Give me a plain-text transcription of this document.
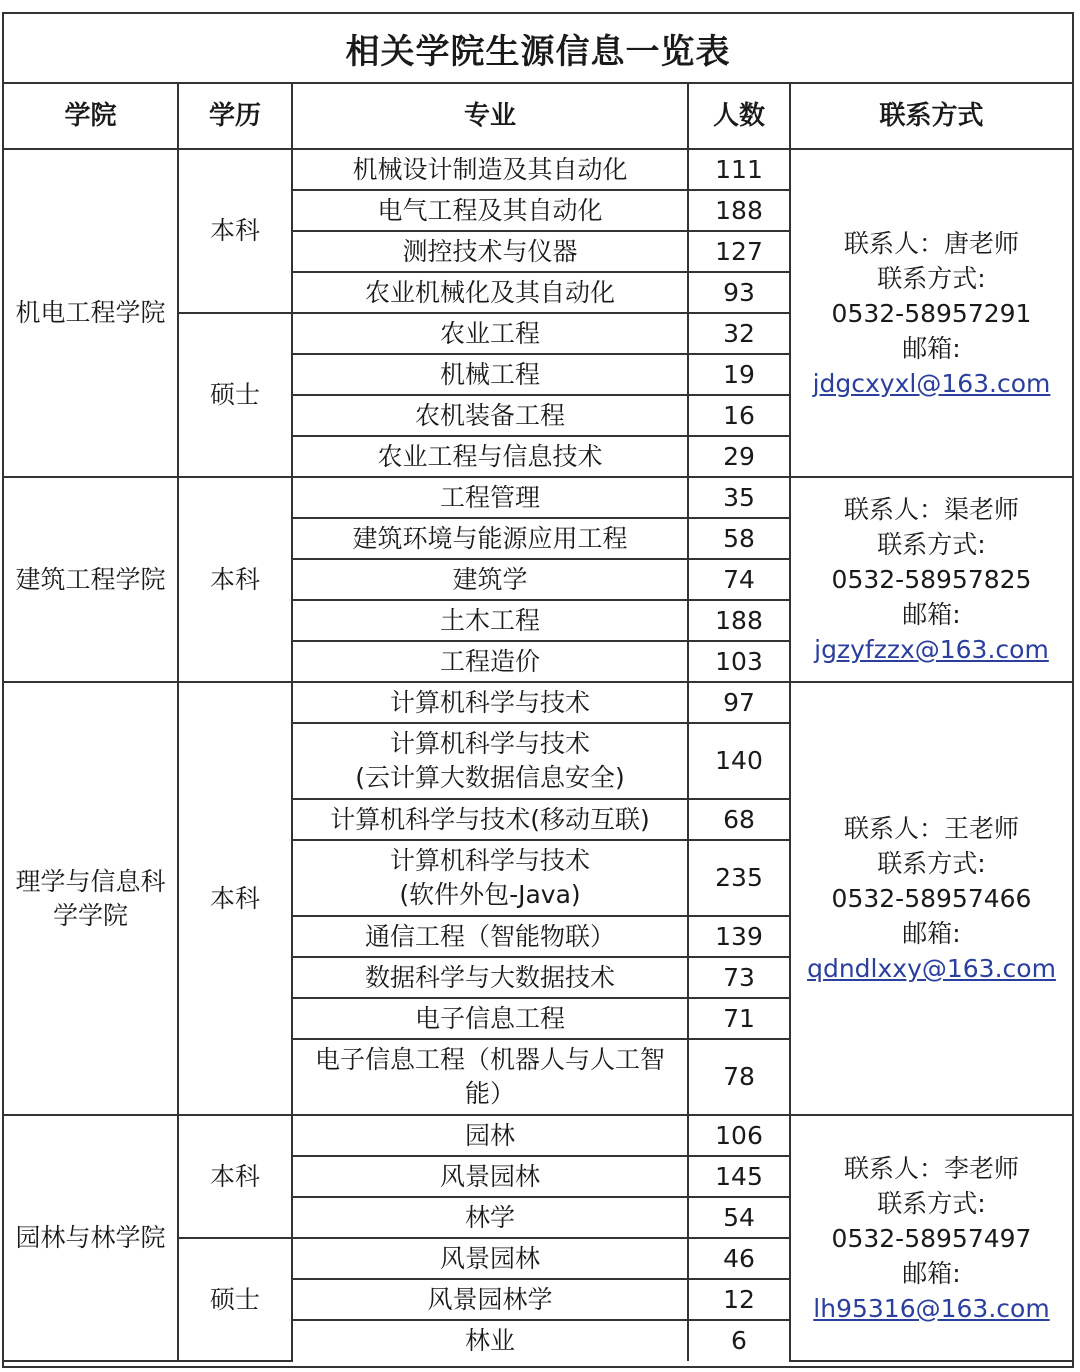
相关学院生源信息一览表
学院	学历	专业	人数	联系方式
机电工程学院	本科	机械设计制造及其自动化	111	联系人：唐老师
联系方式:
0532-58957291
邮箱:
jdgcxyxl@163.com

		电气工程及其自动化	188	
		测控技术与仪器	127	
		农业机械化及其自动化	93	
	硕士	农业工程	32	
		机械工程	19	
		农机装备工程	16	
		农业工程与信息技术	29	
建筑工程学院	本科	工程管理	35	联系人：渠老师
联系方式:
0532-58957825
邮箱:
jgzyfzzx@163.com

		建筑环境与能源应用工程	58	
		建筑学	74	
		土木工程	188	
		工程造价	103	
理学与信息科学学院	本科	计算机科学与技术	97	联系人：王老师
联系方式:
0532-58957466
邮箱:
qdndlxxy@163.com

		计算机科学与技术
(云计算大数据信息安全)	140	
		计算机科学与技术(移动互联)	68	
		计算机科学与技术
(软件外包-Java)	235	
		通信工程（智能物联）	139	
		数据科学与大数据技术	73	
		电子信息工程	71	
		电子信息工程（机器人与人工智能）	78	
园林与林学院	本科	园林	106	联系人：李老师
联系方式:
0532-58957497
邮箱:
lh95316@163.com

		风景园林	145	
		林学	54	
	硕士	风景园林	46	
		风景园林学	12	
		林业	6	
